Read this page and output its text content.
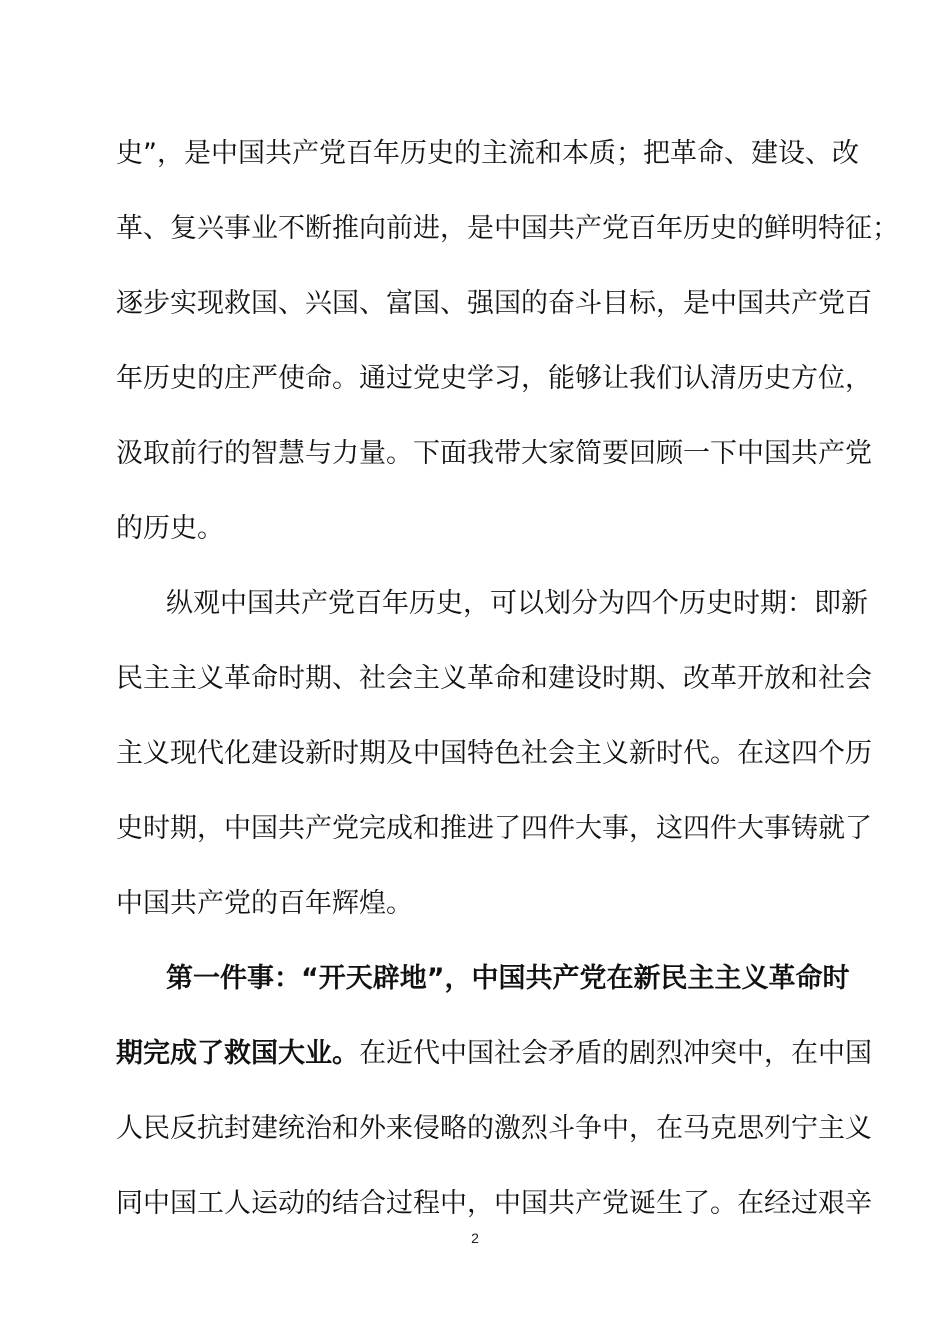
史”，是中国共产党百年历史的主流和本质；把革命、建设、改
革、复兴事业不断推向前进，是中国共产党百年历史的鲜明特征；
逐步实现救国、兴国、富国、强国的奋斗目标，是中国共产党百
年历史的庄严使命。通过党史学习，能够让我们认清历史方位，
汲取前行的智慧与力量。下面我带大家简要回顾一下中国共产党
的历史。
纵观中国共产党百年历史，可以划分为四个历史时期：即新
民主主义革命时期、社会主义革命和建设时期、改革开放和社会
主义现代化建设新时期及中国特色社会主义新时代。在这四个历
史时期，中国共产党完成和推进了四件大事，这四件大事铸就了
中国共产党的百年辉煌。
第一件事：“开天辟地”，中国共产党在新民主主义革命时
期完成了救国大业。在近代中国社会矛盾的剧烈冲突中，在中国
人民反抗封建统治和外来侵略的激烈斗争中，在马克思列宁主义
同中国工人运动的结合过程中，中国共产党诞生了。在经过艰辛
2
